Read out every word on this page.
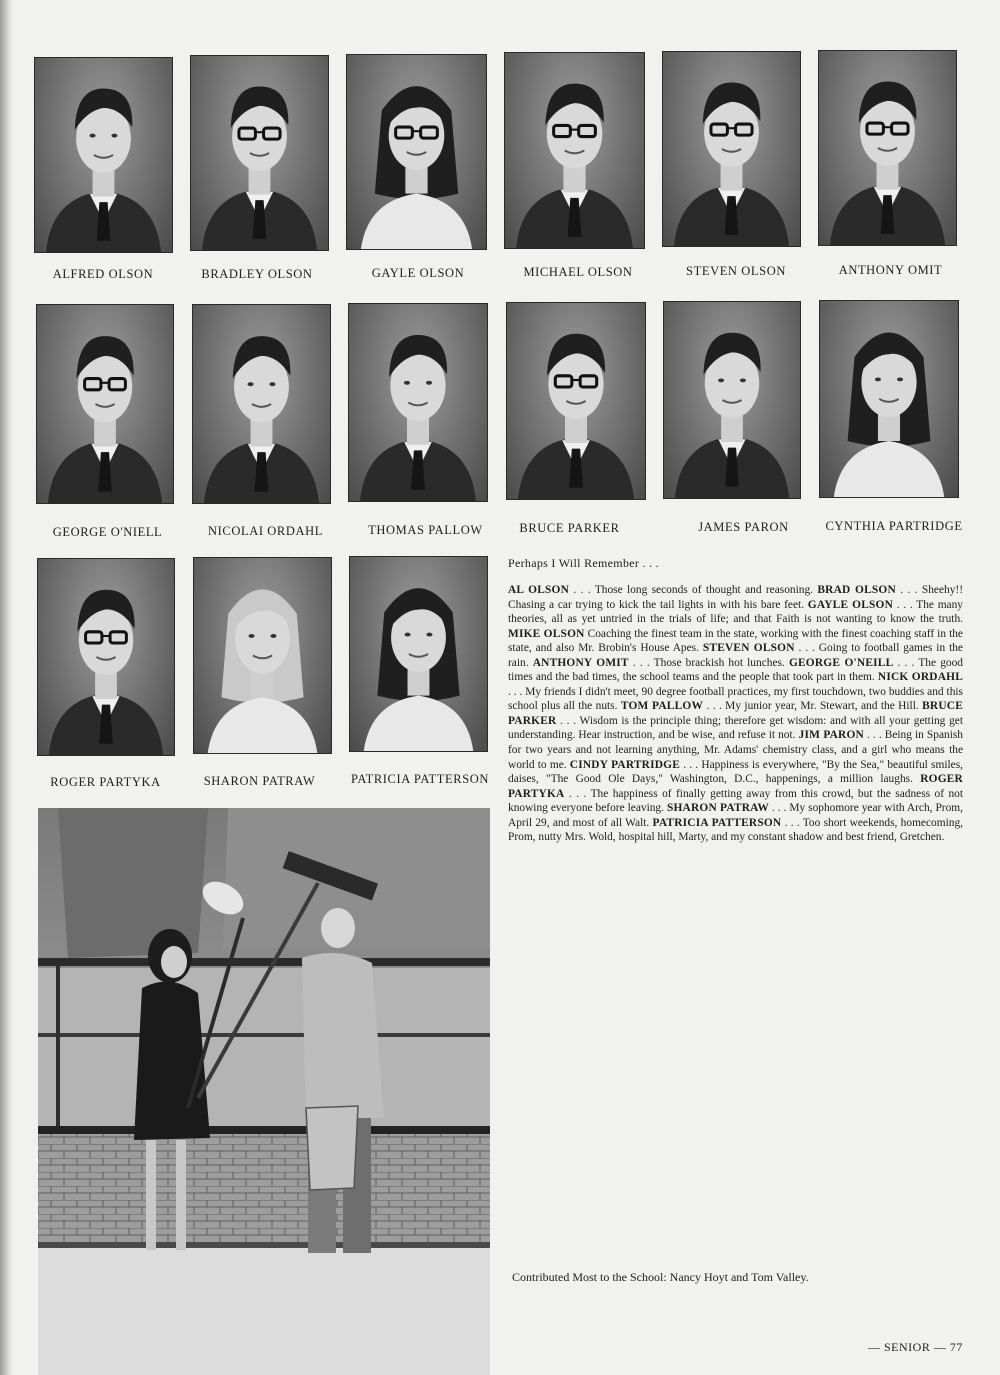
ALFRED OLSON	BRADLEY OLSON	GAYLE OLSON	MICHAEL OLSON	STEVEN OLSON	ANTHONY OMIT
GEORGE O'NIELL	NICOLAI ORDAHL	THOMAS PALLOW	BRUCE PARKER	JAMES PARON	CYNTHIA PARTRIDGE
ROGER PARTYKA	SHARON PATRAW	PATRICIA PATTERSON
Perhaps I Will Remember . . .
AL OLSON . . . Those long seconds of thought and reasoning. BRAD OLSON . . . Sheehy!! Chasing a car trying to kick the tail lights in with his bare feet. GAYLE OLSON . . . The many theories, all as yet untried in the trials of life; and that Faith is not wanting to know the truth. MIKE OLSON Coaching the finest team in the state, working with the finest coaching staff in the state, and also Mr. Brobin's House Apes. STEVEN OLSON . . . Going to football games in the rain. ANTHONY OMIT . . . Those brackish hot lunches. GEORGE O'NEILL . . . The good times and the bad times, the school teams and the people that took part in them. NICK ORDAHL . . . My friends I didn't meet, 90 degree football practices, my first touchdown, two buddies and this school plus all the nuts. TOM PALLOW . . . My junior year, Mr. Stewart, and the Hill. BRUCE PARKER . . . Wisdom is the principle thing; therefore get wisdom: and with all your getting get understanding. Hear instruction, and be wise, and refuse it not. JIM PARON . . . Being in Spanish for two years and not learning anything, Mr. Adams' chemistry class, and a girl who means the world to me. CINDY PARTRIDGE . . . Happiness is everywhere, "By the Sea," beautiful smiles, daises, "The Good Ole Days," Washington, D.C., happenings, a million laughs. ROGER PARTYKA . . . The happiness of finally getting away from this crowd, but the sadness of not knowing everyone before leaving. SHARON PATRAW . . . My sophomore year with Arch, Prom, April 29, and most of all Walt. PATRICIA PATTERSON . . . Too short weekends, homecoming, Prom, nutty Mrs. Wold, hospital hill, Marty, and my constant shadow and best friend, Gretchen.
Contributed Most to the School: Nancy Hoyt and Tom Valley.
— SENIOR — 77
